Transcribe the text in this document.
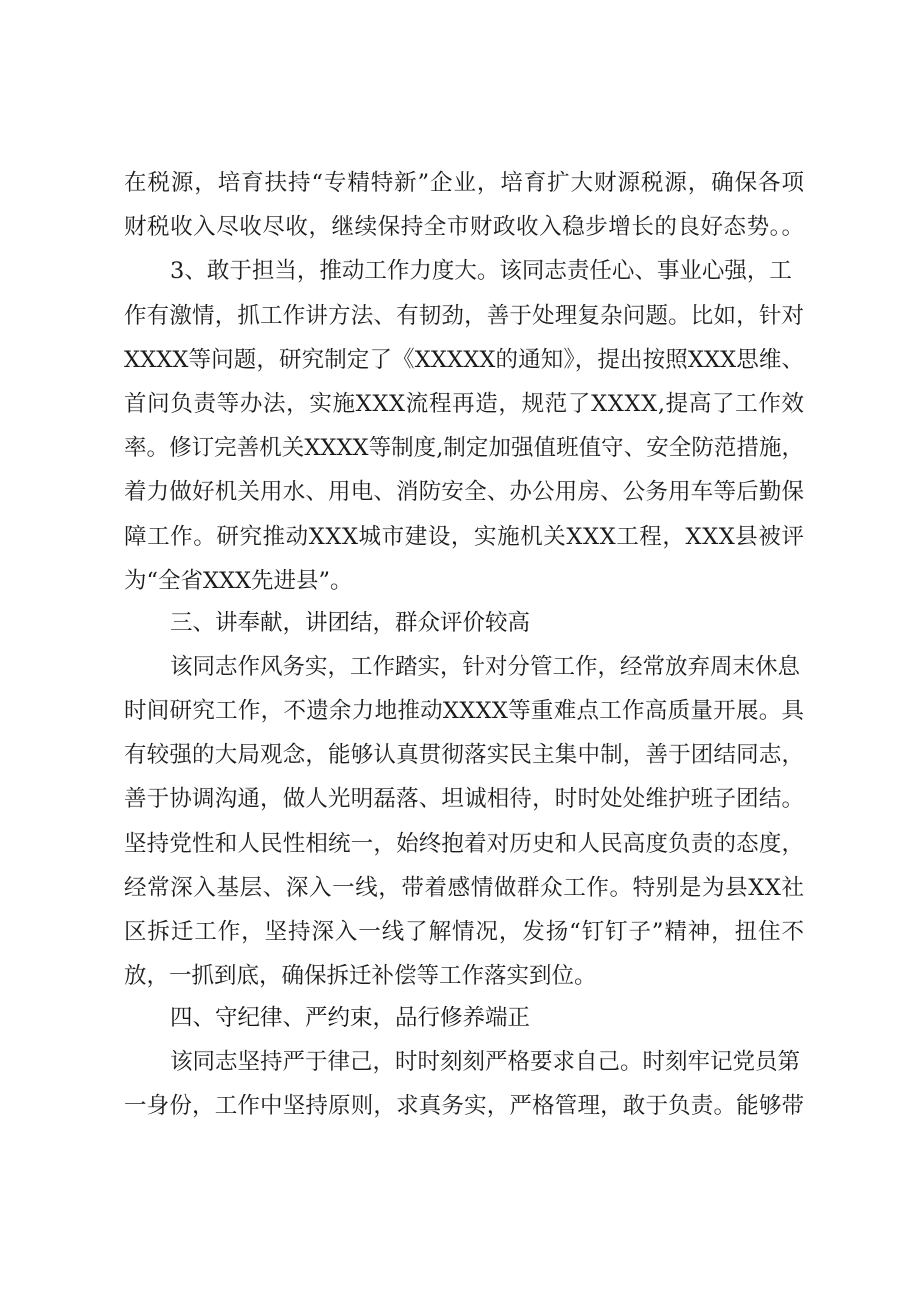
在税源，培育扶持“专精特新”企业，培育扩大财源税源，确保各项
财税收入尽收尽收，继续保持全市财政收入稳步增长的良好态势。。
3、敢于担当，推动工作力度大。该同志责任心、事业心强，工
作有激情，抓工作讲方法、有韧劲，善于处理复杂问题。比如，针对
XXXX等问题，研究制定了《XXXXX的通知》，提出按照XXX思维、
首问负责等办法，实施XXX流程再造，规范了XXXX,提高了工作效
率。修订完善机关XXXX等制度,制定加强值班值守、安全防范措施，
着力做好机关用水、用电、消防安全、办公用房、公务用车等后勤保
障工作。研究推动XXX城市建设，实施机关XXX工程，XXX县被评
为“全省XXX先进县”。
三、讲奉献，讲团结，群众评价较高
该同志作风务实，工作踏实，针对分管工作，经常放弃周末休息
时间研究工作，不遗余力地推动XXXX等重难点工作高质量开展。具
有较强的大局观念，能够认真贯彻落实民主集中制，善于团结同志，
善于协调沟通，做人光明磊落、坦诚相待，时时处处维护班子团结。
坚持党性和人民性相统一，始终抱着对历史和人民高度负责的态度，
经常深入基层、深入一线，带着感情做群众工作。特别是为县XX社
区拆迁工作，坚持深入一线了解情况，发扬“钉钉子”精神，扭住不
放，一抓到底，确保拆迁补偿等工作落实到位。
四、守纪律、严约束，品行修养端正
该同志坚持严于律己，时时刻刻严格要求自己。时刻牢记党员第
一身份，工作中坚持原则，求真务实，严格管理，敢于负责。能够带
